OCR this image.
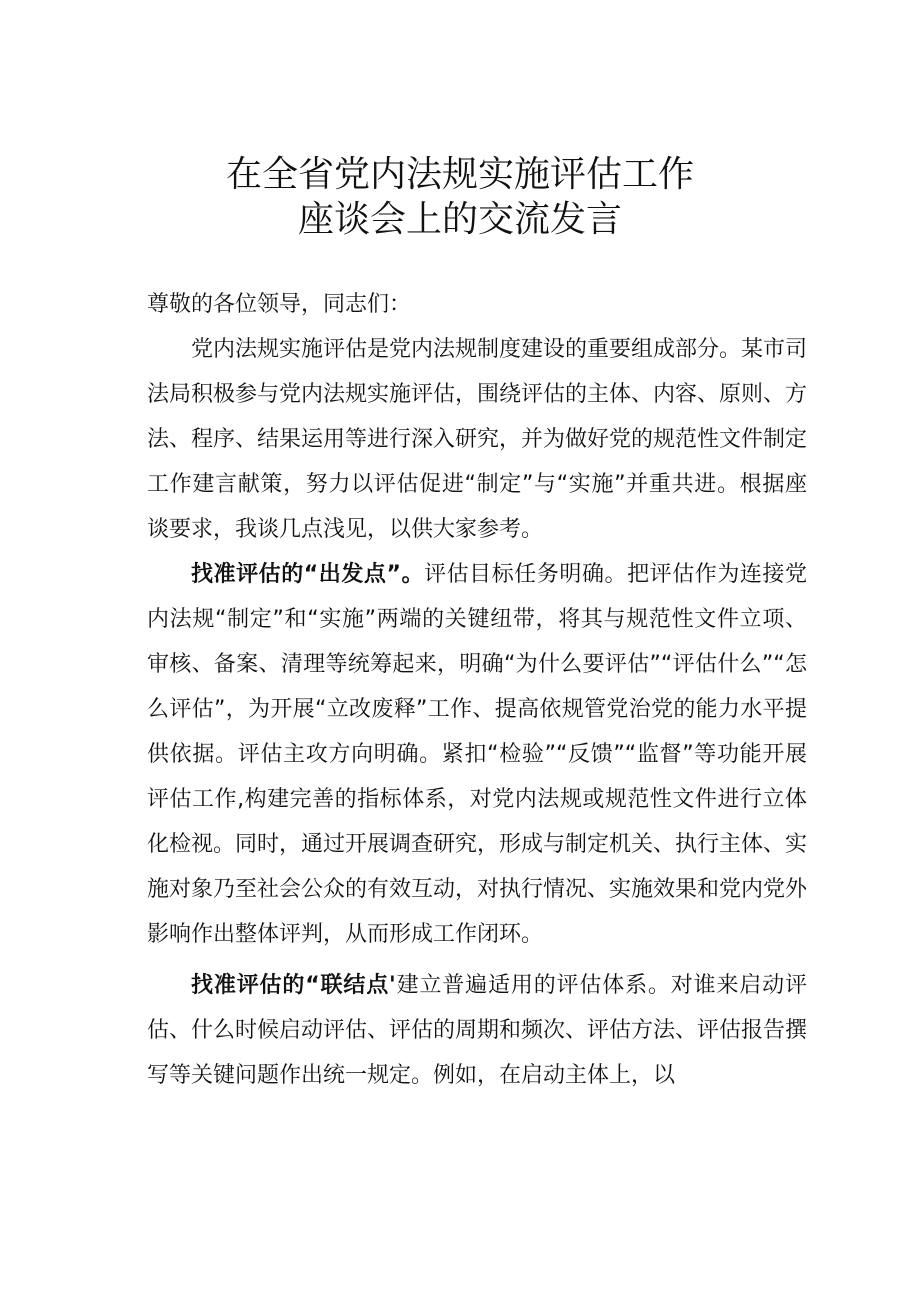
在全省党内法规实施评估工作
座谈会上的交流发言

尊敬的各位领导，同志们：

党内法规实施评估是党内法规制度建设的重要组成部分。某市司法局积极参与党内法规实施评估，围绕评估的主体、内容、原则、方法、程序、结果运用等进行深入研究，并为做好党的规范性文件制定工作建言献策，努力以评估促进“制定”与“实施”并重共进。根据座谈要求，我谈几点浅见，以供大家参考。

找准评估的“出发点”。评估目标任务明确。把评估作为连接党内法规“制定”和“实施”两端的关键纽带，将其与规范性文件立项、审核、备案、清理等统筹起来，明确“为什么要评估”“评估什么”“怎么评估”，为开展“立改废释”工作、提高依规管党治党的能力水平提供依据。评估主攻方向明确。紧扣“检验”“反馈”“监督”等功能开展评估工作,构建完善的指标体系，对党内法规或规范性文件进行立体化检视。同时，通过开展调查研究，形成与制定机关、执行主体、实施对象乃至社会公众的有效互动，对执行情况、实施效果和党内党外影响作出整体评判，从而形成工作闭环。

找准评估的“联结点'建立普遍适用的评估体系。对谁来启动评估、什么时候启动评估、评估的周期和频次、评估方法、评估报告撰写等关键问题作出统一规定。例如，在启动主体上，以
